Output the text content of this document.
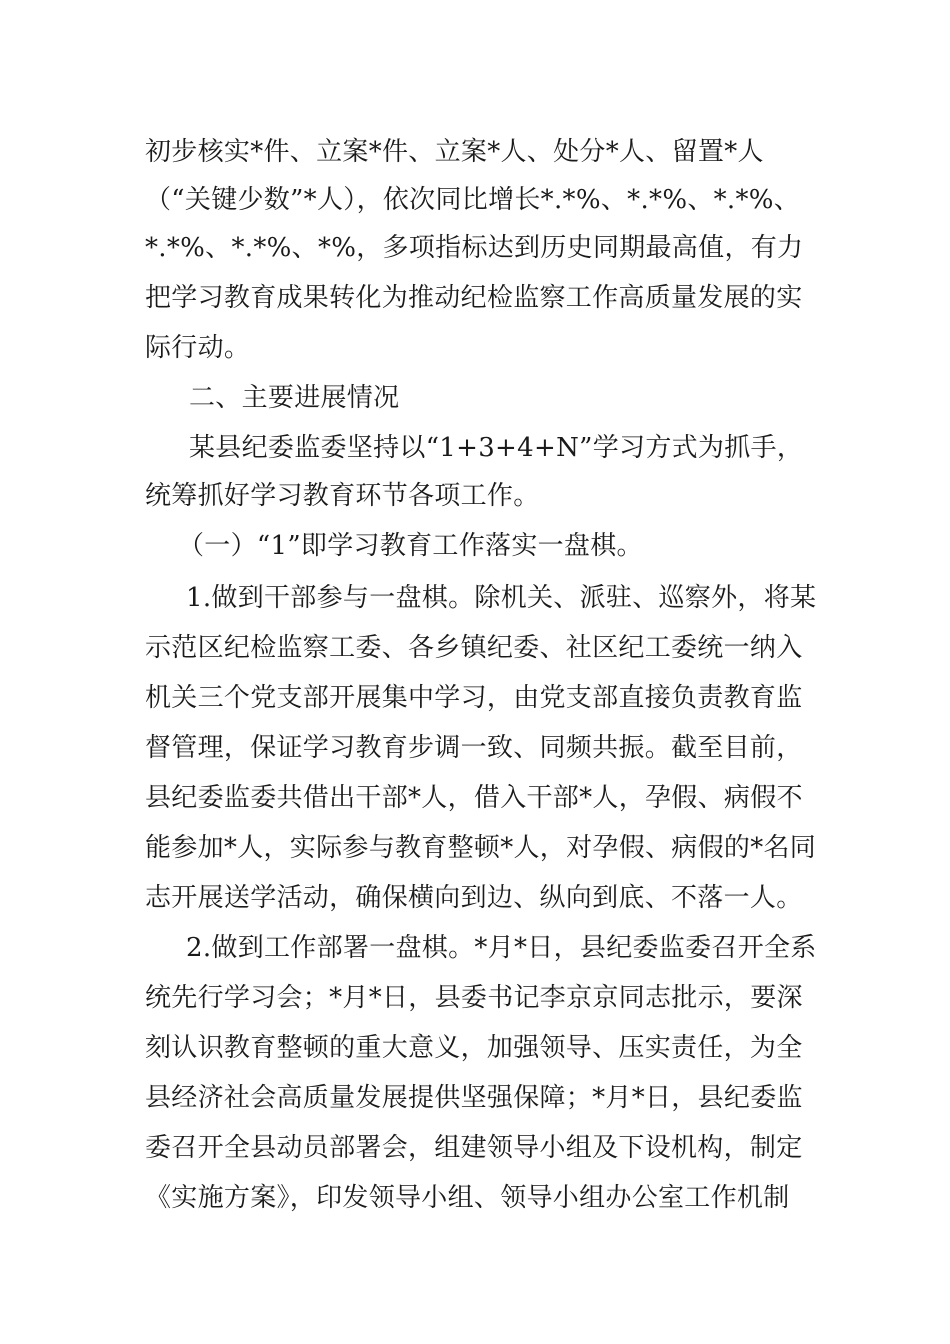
初步核实*件、立案*件、立案*人、处分*人、留置*人
（“关键少数”*人），依次同比增长*.*%、*.*%、*.*%、
*.*%、*.*%、*%，多项指标达到历史同期最高值，有力
把学习教育成果转化为推动纪检监察工作高质量发展的实
际行动。
二、主要进展情况
某县纪委监委坚持以“1+3+4+N”学习方式为抓手，
统筹抓好学习教育环节各项工作。
（一）“1”即学习教育工作落实一盘棋。
1.做到干部参与一盘棋。除机关、派驻、巡察外，将某
示范区纪检监察工委、各乡镇纪委、社区纪工委统一纳入
机关三个党支部开展集中学习，由党支部直接负责教育监
督管理，保证学习教育步调一致、同频共振。截至目前，
县纪委监委共借出干部*人，借入干部*人，孕假、病假不
能参加*人，实际参与教育整顿*人，对孕假、病假的*名同
志开展送学活动，确保横向到边、纵向到底、不落一人。
2.做到工作部署一盘棋。*月*日，县纪委监委召开全系
统先行学习会；*月*日，县委书记李京京同志批示，要深
刻认识教育整顿的重大意义，加强领导、压实责任，为全
县经济社会高质量发展提供坚强保障；*月*日，县纪委监
委召开全县动员部署会，组建领导小组及下设机构，制定
《实施方案》，印发领导小组、领导小组办公室工作机制
